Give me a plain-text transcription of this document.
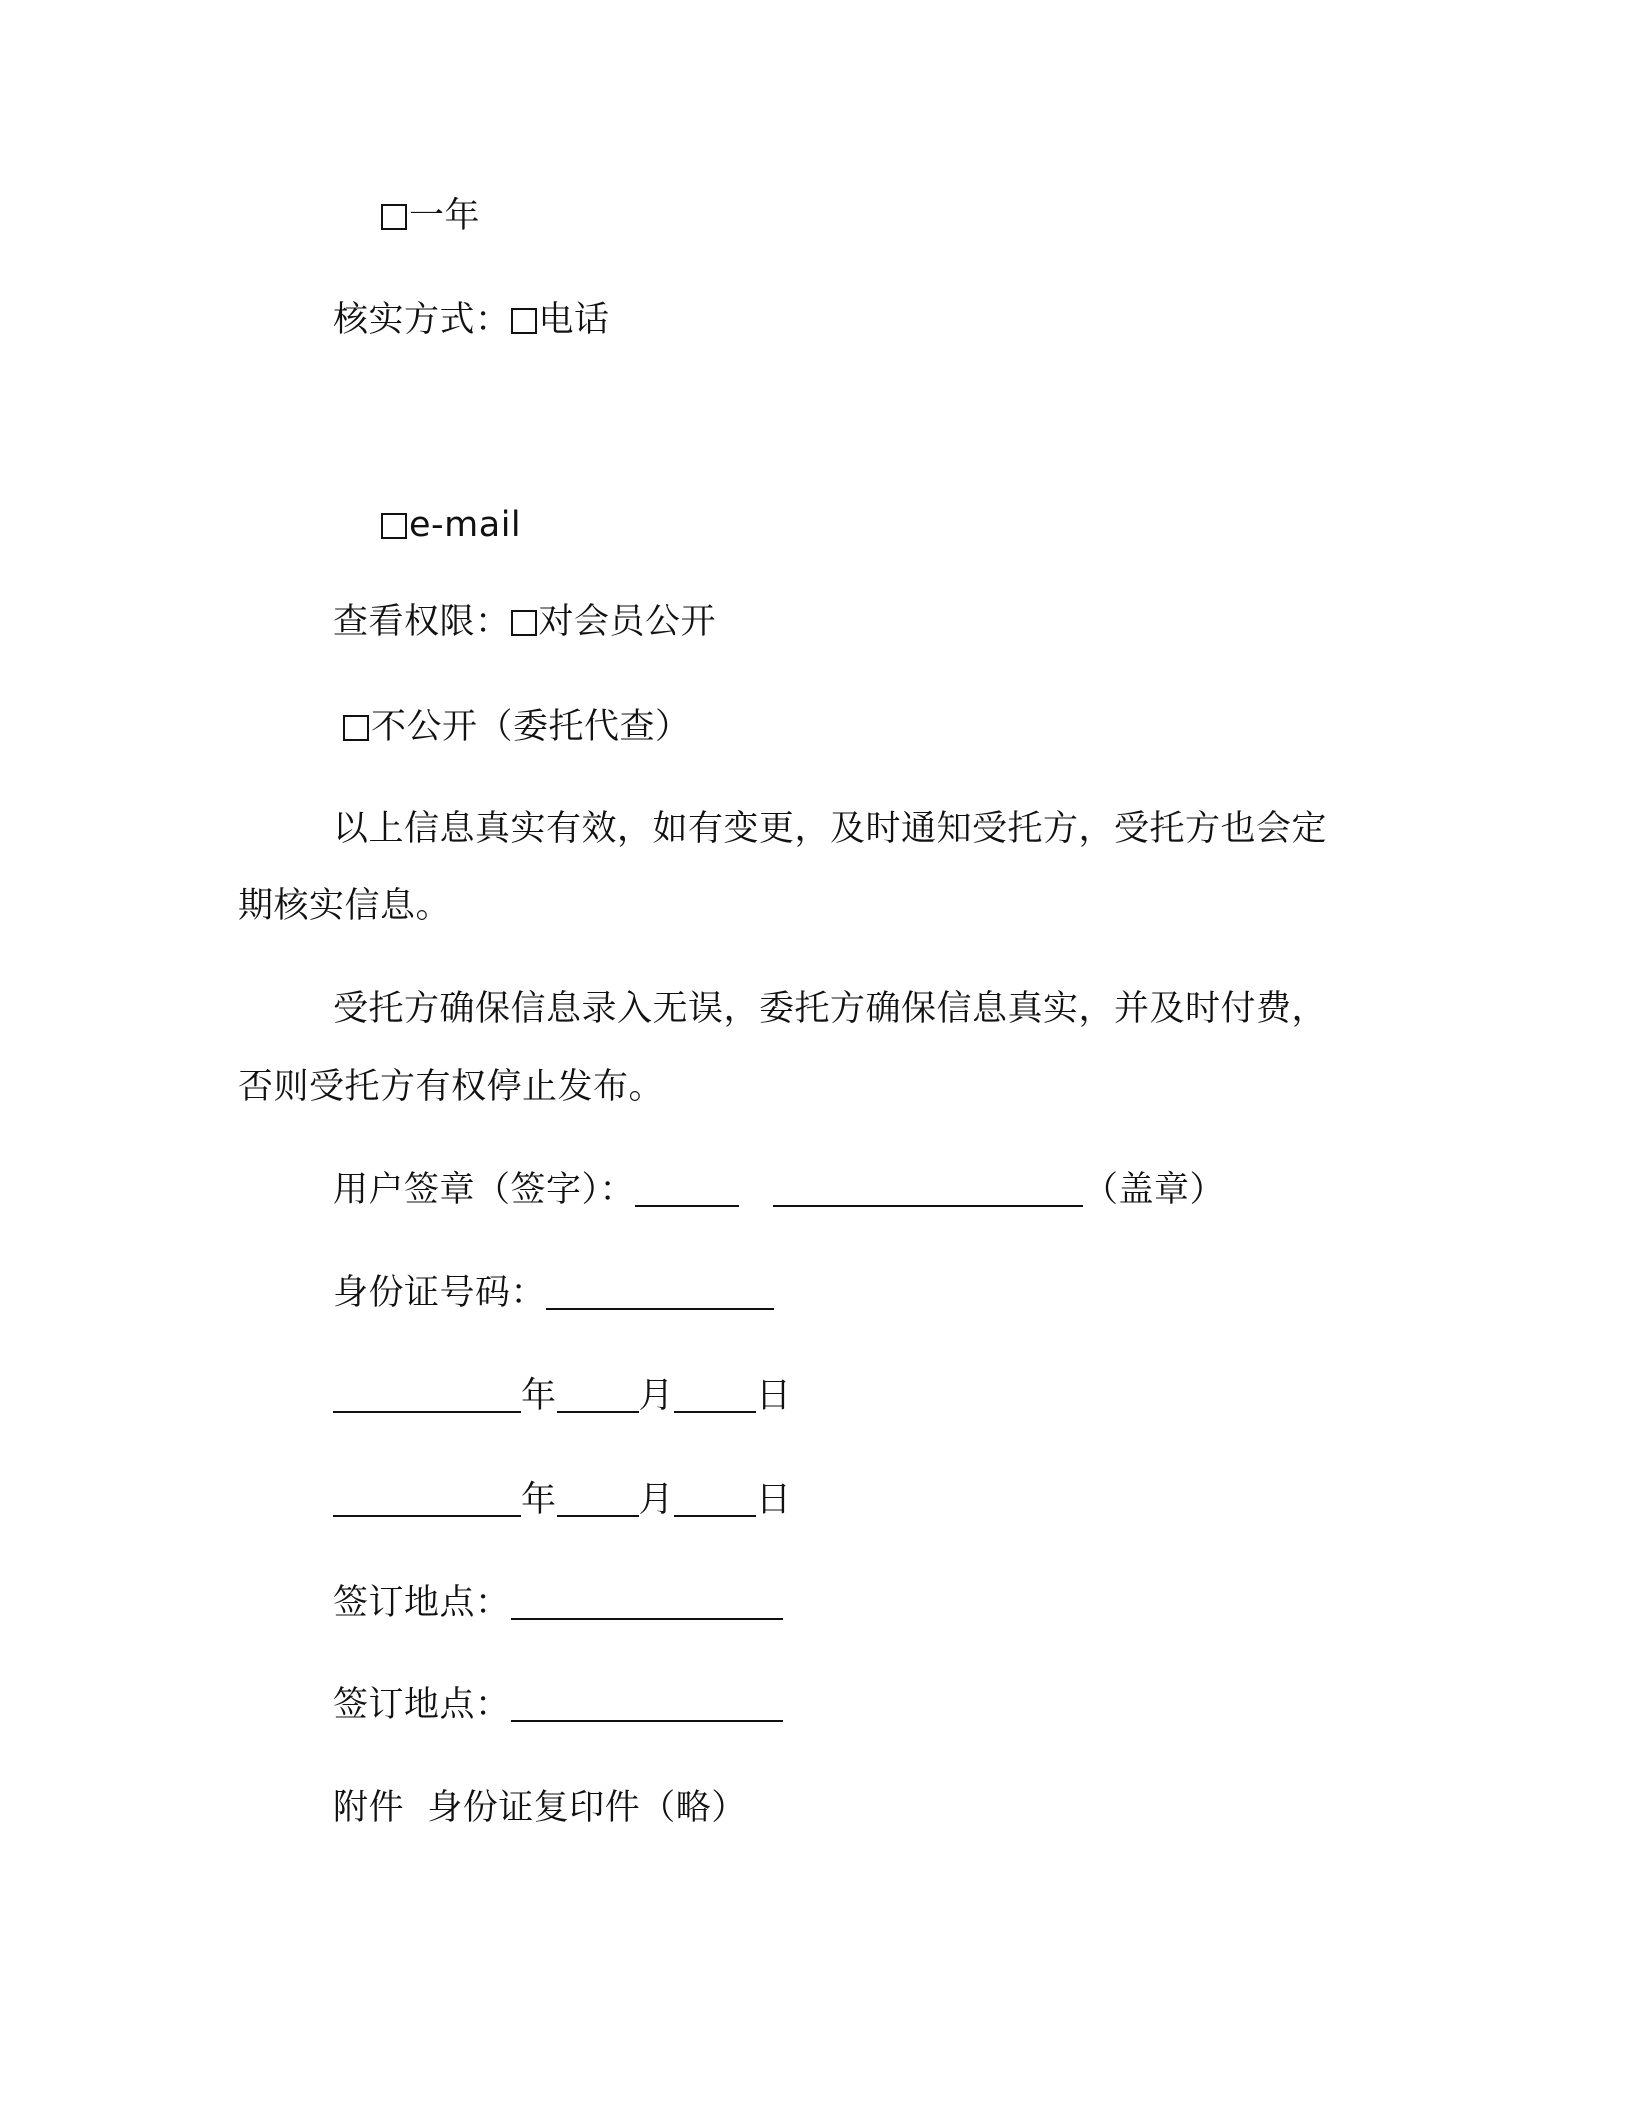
一年
核实方式： 电话
e-mail
查看权限： 对会员公开
不公开（委托代查）
以上信息真实有效，如有变更，及时通知受托方，受托方也会定
期核实信息。
受托方确保信息录入无误，委托方确保信息真实，并及时付费，
否则受托方有权停止发布。
用户签章（签字）：	（盖章）
身份证号码：
年 月 日
年 月 日
签订地点：
签订地点：
附件  身份证复印件（略）
